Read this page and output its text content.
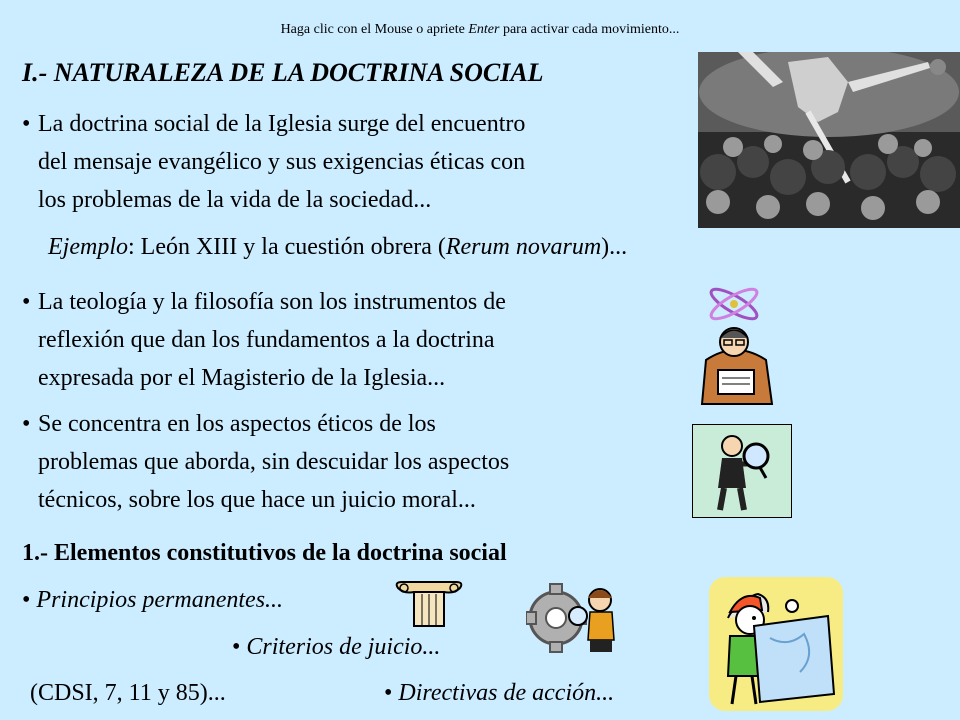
Haga clic con el Mouse o apriete Enter para activar cada movimiento...
I.- NATURALEZA DE LA DOCTRINA SOCIAL
• La doctrina social de la Iglesia surge del encuentro
del mensaje evangélico y sus exigencias éticas con
los problemas de la vida de la sociedad...
Ejemplo: León XIII y la cuestión obrera (Rerum novarum)...
• La teología y la filosofía son los instrumentos de
reflexión que dan los fundamentos a la doctrina
expresada por el Magisterio de la Iglesia...
• Se concentra en los aspectos éticos de los
problemas que aborda, sin descuidar los aspectos
técnicos, sobre los que hace un juicio moral...
1.- Elementos constitutivos de la doctrina social
• Principios permanentes...
• Criterios de juicio...
(CDSI, 7, 11 y 85)...	• Directivas de acción...
